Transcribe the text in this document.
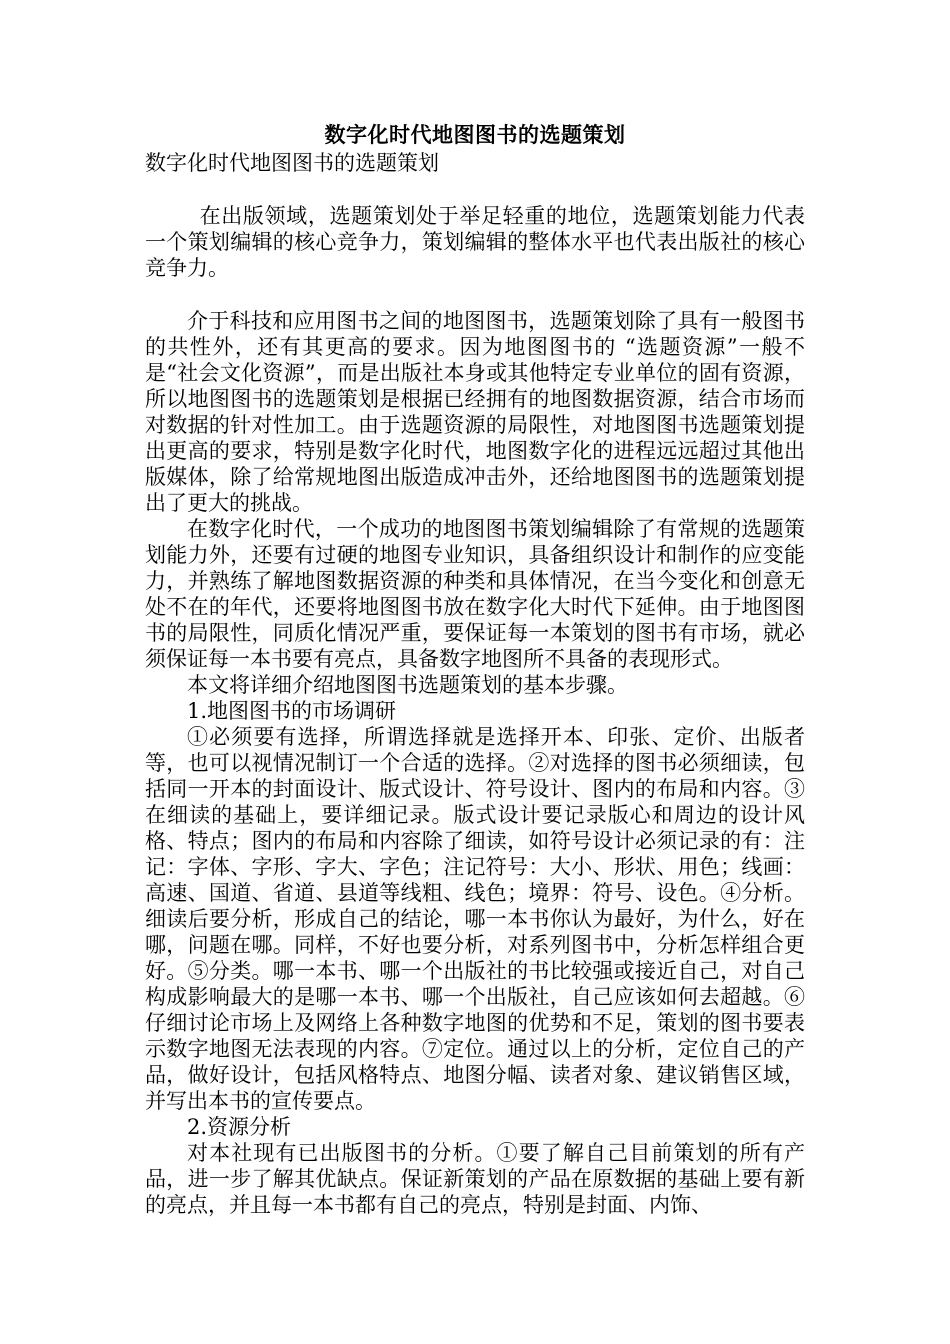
数字化时代地图图书的选题策划

数字化时代地图图书的选题策划

在出版领域，选题策划处于举足轻重的地位，选题策划能力代表一个策划编辑的核心竞争力，策划编辑的整体水平也代表出版社的核心竞争力。

介于科技和应用图书之间的地图图书，选题策划除了具有一般图书的共性外，还有其更高的要求。因为地图图书的 “选题资源”一般不是“社会文化资源”，而是出版社本身或其他特定专业单位的固有资源，所以地图图书的选题策划是根据已经拥有的地图数据资源，结合市场而对数据的针对性加工。由于选题资源的局限性，对地图图书选题策划提出更高的要求，特别是数字化时代，地图数字化的进程远远超过其他出版媒体，除了给常规地图出版造成冲击外，还给地图图书的选题策划提出了更大的挑战。

在数字化时代，一个成功的地图图书策划编辑除了有常规的选题策划能力外，还要有过硬的地图专业知识，具备组织设计和制作的应变能力，并熟练了解地图数据资源的种类和具体情况，在当今变化和创意无处不在的年代，还要将地图图书放在数字化大时代下延伸。由于地图图书的局限性，同质化情况严重，要保证每一本策划的图书有市场，就必须保证每一本书要有亮点，具备数字地图所不具备的表现形式。

本文将详细介绍地图图书选题策划的基本步骤。

1.地图图书的市场调研

①必须要有选择，所谓选择就是选择开本、印张、定价、出版者等，也可以视情况制订一个合适的选择。②对选择的图书必须细读，包括同一开本的封面设计、版式设计、符号设计、图内的布局和内容。③在细读的基础上，要详细记录。版式设计要记录版心和周边的设计风格、特点；图内的布局和内容除了细读，如符号设计必须记录的有：注记：字体、字形、字大、字色；注记符号：大小、形状、用色；线画：高速、国道、省道、县道等线粗、线色；境界：符号、设色。④分析。细读后要分析，形成自己的结论，哪一本书你认为最好，为什么，好在哪，问题在哪。同样，不好也要分析，对系列图书中，分析怎样组合更好。⑤分类。哪一本书、哪一个出版社的书比较强或接近自己，对自己构成影响最大的是哪一本书、哪一个出版社，自己应该如何去超越。⑥仔细讨论市场上及网络上各种数字地图的优势和不足，策划的图书要表示数字地图无法表现的内容。⑦定位。通过以上的分析，定位自己的产品，做好设计，包括风格特点、地图分幅、读者对象、建议销售区域，并写出本书的宣传要点。

2.资源分析

对本社现有已出版图书的分析。①要了解自己目前策划的所有产品，进一步了解其优缺点。保证新策划的产品在原数据的基础上要有新的亮点，并且每一本书都有自己的亮点，特别是封面、内饰、
